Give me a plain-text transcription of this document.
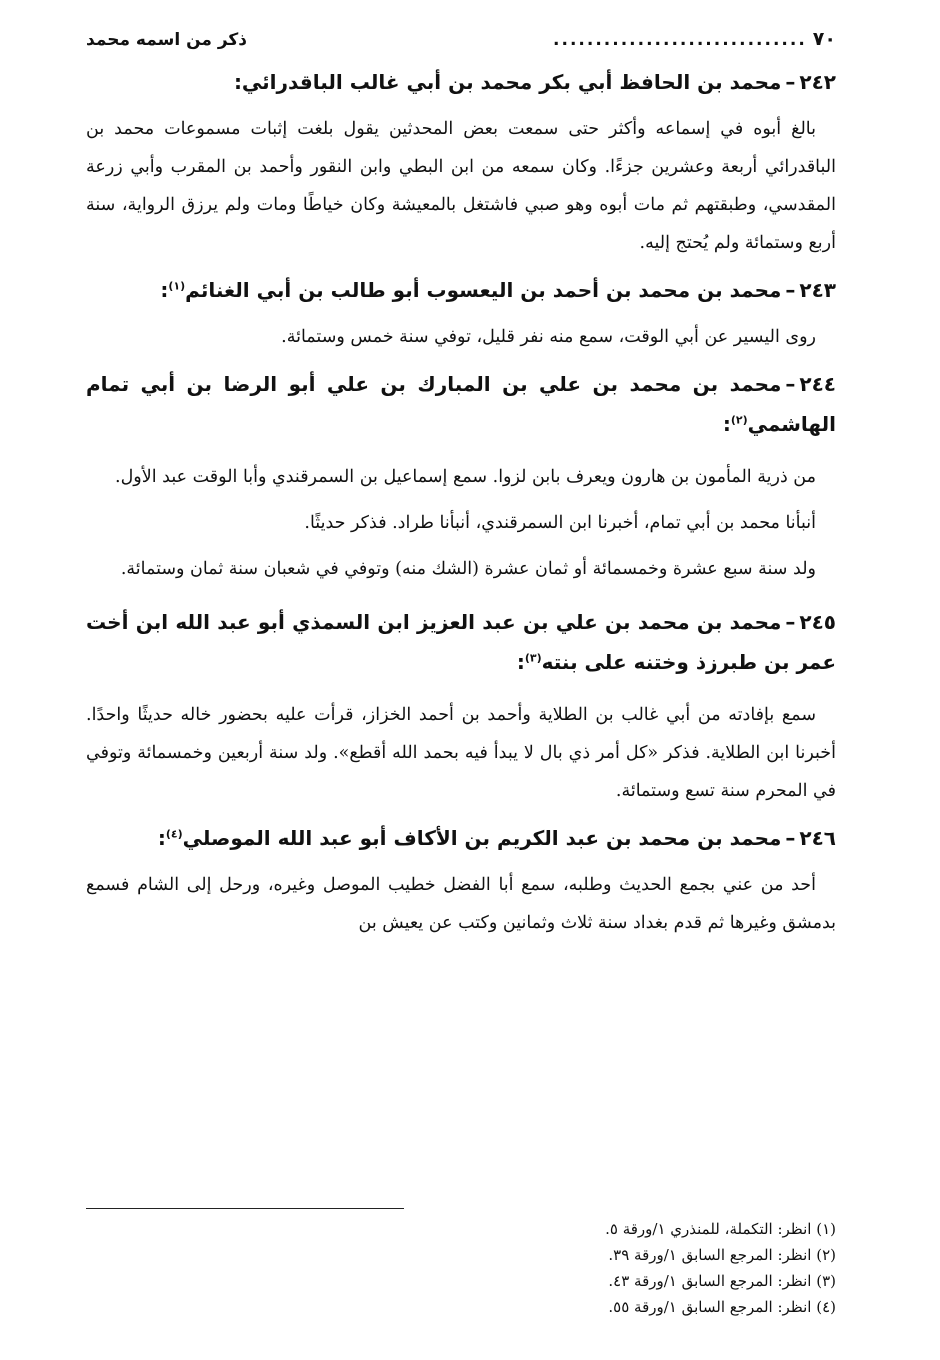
٧٠
..............................
ذكر من اسمه محمد
٢٤٢–محمد بن الحافظ أبي بكر محمد بن أبي غالب الباقدرائي:

بالغ أبوه في إسماعه وأكثر حتى سمعت بعض المحدثين يقول بلغت إثبات مسموعات محمد بن الباقدرائي أربعة وعشرين جزءًا. وكان سمعه من ابن البطي وابن النقور وأحمد بن المقرب وأبي زرعة المقدسي، وطبقتهم ثم مات أبوه وهو صبي فاشتغل بالمعيشة وكان خياطًا ومات ولم يرزق الرواية، سنة أربع وستمائة ولم يُحتج إليه.

٢٤٣–محمد بن محمد بن أحمد بن اليعسوب أبو طالب بن أبي الغنائم$^{(١)}$:

روى اليسير عن أبي الوقت، سمع منه نفر قليل، توفي سنة خمس وستمائة.

٢٤٤–محمد بن محمد بن علي بن المبارك بن علي أبو الرضا بن أبي تمام الهاشمي$^{(٢)}$:

من ذرية المأمون بن هارون ويعرف بابن لزوا. سمع إسماعيل بن السمرقندي وأبا الوقت عبد الأول.

أنبأنا محمد بن أبي تمام، أخبرنا ابن السمرقندي، أنبأنا طراد. فذكر حديثًا.

ولد سنة سبع عشرة وخمسمائة أو ثمان عشرة (الشك منه) وتوفي في شعبان سنة ثمان وستمائة.

٢٤٥–محمد بن محمد بن علي بن عبد العزيز ابن السمذي أبو عبد الله ابن أخت عمر بن طبرزذ وختنه على بنته$^{(٣)}$:

سمع بإفادته من أبي غالب بن الطلاية وأحمد بن أحمد الخزاز، قرأت عليه بحضور خاله حديثًا واحدًا. أخبرنا ابن الطلاية. فذكر «كل أمر ذي بال لا يبدأ فيه بحمد الله أقطع». ولد سنة أربعين وخمسمائة وتوفي في المحرم سنة تسع وستمائة.

٢٤٦–محمد بن محمد بن عبد الكريم بن الأكاف أبو عبد الله الموصلي$^{(٤)}$:

أحد من عني بجمع الحديث وطلبه، سمع أبا الفضل خطيب الموصل وغيره، ورحل إلى الشام فسمع بدمشق وغيرها ثم قدم بغداد سنة ثلاث وثمانين وكتب عن يعيش بن

(١) انظر: التكملة، للمنذري ١/ورقة ٥.

(٢) انظر: المرجع السابق ١/ورقة ٣٩.

(٣) انظر: المرجع السابق ١/ورقة ٤٣.

(٤) انظر: المرجع السابق ١/ورقة ٥٥.
